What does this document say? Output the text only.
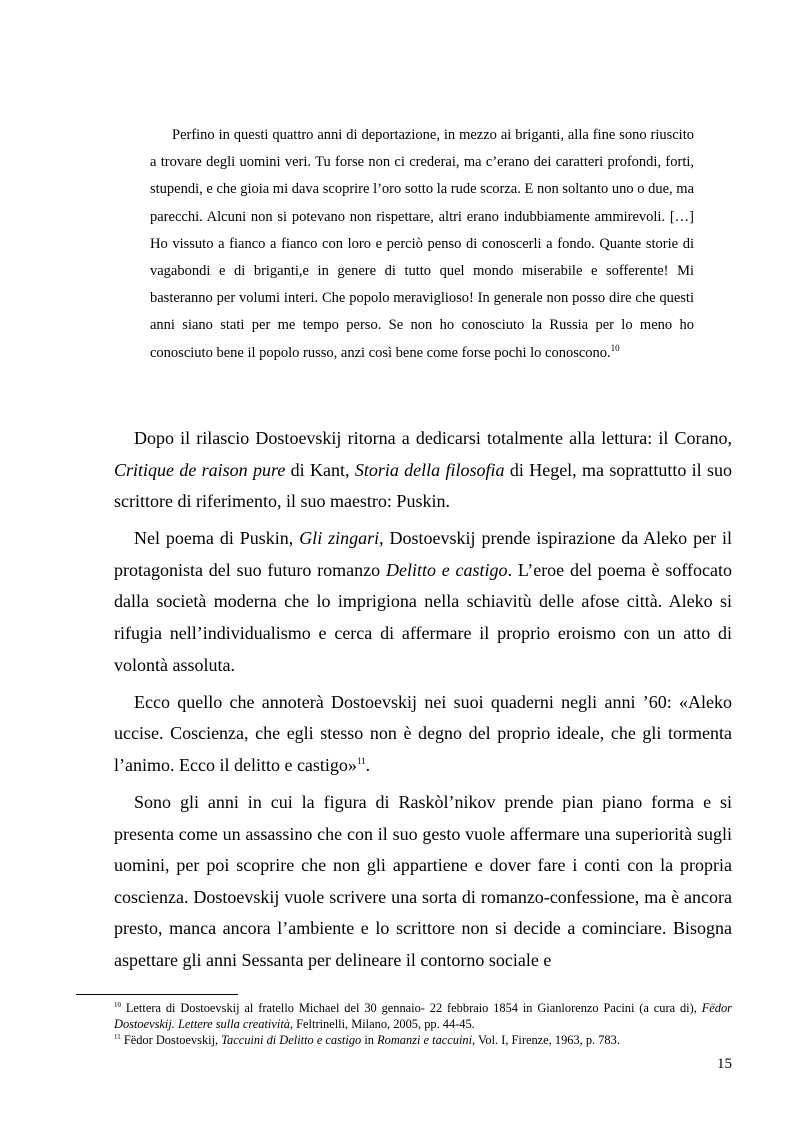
Perfino in questi quattro anni di deportazione, in mezzo ai briganti, alla fine sono riuscito a trovare degli uomini veri. Tu forse non ci crederai, ma c’erano dei caratteri profondi, forti, stupendi, e che gioia mi dava scoprire l’oro sotto la rude scorza. E non soltanto uno o due, ma parecchi. Alcuni non si potevano non rispettare, altri erano indubbiamente ammirevoli. […] Ho vissuto a fianco a fianco con loro e perciò penso di conoscerli a fondo. Quante storie di vagabondi e di briganti,e in genere di tutto quel mondo miserabile e sofferente! Mi basteranno per volumi interi. Che popolo meraviglioso! In generale non posso dire che questi anni siano stati per me tempo perso. Se non ho conosciuto la Russia per lo meno ho conosciuto bene il popolo russo, anzi così bene come forse pochi lo conoscono.$^{10}$

Dopo il rilascio Dostoevskij ritorna a dedicarsi totalmente alla lettura: il Corano, Critique de raison pure di Kant, Storia della filosofia di Hegel, ma soprattutto il suo scrittore di riferimento, il suo maestro: Puskin.

Nel poema di Puskin, Gli zingari, Dostoevskij prende ispirazione da Aleko per il protagonista del suo futuro romanzo Delitto e castigo. L’eroe del poema è soffocato dalla società moderna che lo imprigiona nella schiavitù delle afose città. Aleko si rifugia nell’individualismo e cerca di affermare il proprio eroismo con un atto di volontà assoluta.

Ecco quello che annoterà Dostoevskij nei suoi quaderni negli anni ’60: «Aleko uccise. Coscienza, che egli stesso non è degno del proprio ideale, che gli tormenta l’animo. Ecco il delitto e castigo»$^{11}$.

Sono gli anni in cui la figura di Raskòl’nikov prende pian piano forma e si presenta come un assassino che con il suo gesto vuole affermare una superiorità sugli uomini, per poi scoprire che non gli appartiene e dover fare i conti con la propria coscienza. Dostoevskij vuole scrivere una sorta di romanzo-confessione, ma è ancora presto, manca ancora l’ambiente e lo scrittore non si decide a cominciare. Bisogna aspettare gli anni Sessanta per delineare il contorno sociale e

$^{10}$ Lettera di Dostoevskij al fratello Michael del 30 gennaio- 22 febbraio 1854 in Gianlorenzo Pacini (a cura di), Fëdor Dostoevskij. Lettere sulla creatività, Feltrinelli, Milano, 2005, pp. 44-45.

$^{11}$ Fëdor Dostoevskij, Taccuini di Delitto e castigo in Romanzi e taccuini, Vol. I, Firenze, 1963, p. 783.

15
